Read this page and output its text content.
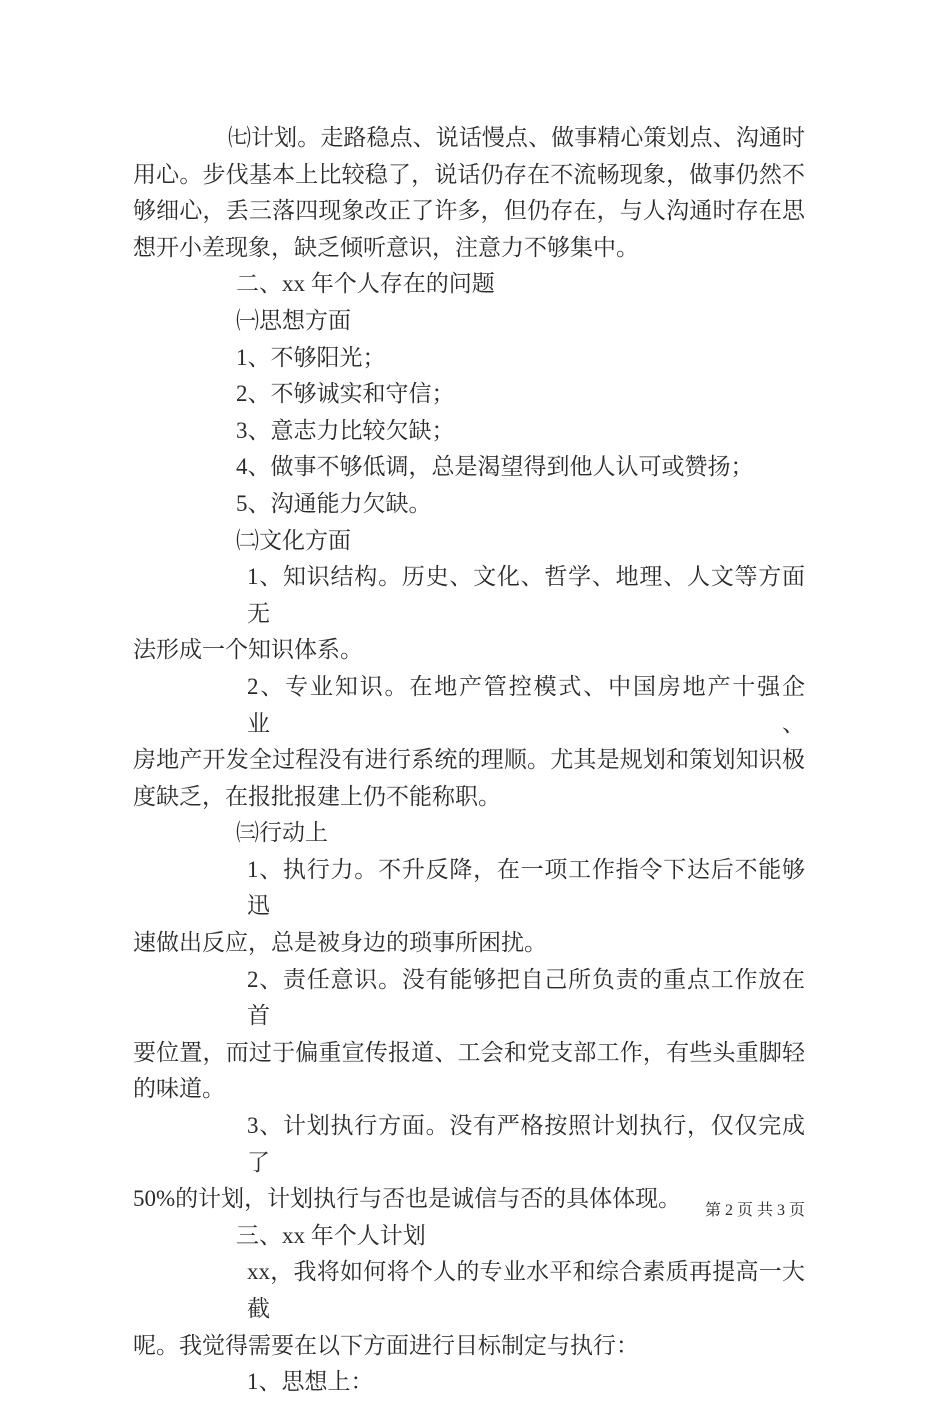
㈦计划。走路稳点、说话慢点、做事精心策划点、沟通时
用心。步伐基本上比较稳了，说话仍存在不流畅现象，做事仍然不
够细心，丢三落四现象改正了许多，但仍存在，与人沟通时存在思
想开小差现象，缺乏倾听意识，注意力不够集中。
二、xx 年个人存在的问题
㈠思想方面
1、不够阳光；
2、不够诚实和守信；
3、意志力比较欠缺；
4、做事不够低调，总是渴望得到他人认可或赞扬；
5、沟通能力欠缺。
㈡文化方面
1、知识结构。历史、文化、哲学、地理、人文等方面无
法形成一个知识体系。
2、专业知识。在地产管控模式、中国房地产十强企业、
房地产开发全过程没有进行系统的理顺。尤其是规划和策划知识极
度缺乏，在报批报建上仍不能称职。
㈢行动上
1、执行力。不升反降，在一项工作指令下达后不能够迅
速做出反应，总是被身边的琐事所困扰。
2、责任意识。没有能够把自己所负责的重点工作放在首
要位置，而过于偏重宣传报道、工会和党支部工作，有些头重脚轻
的味道。
3、计划执行方面。没有严格按照计划执行，仅仅完成了
50%的计划，计划执行与否也是诚信与否的具体体现。
三、xx 年个人计划
xx，我将如何将个人的专业水平和综合素质再提高一大截
呢。我觉得需要在以下方面进行目标制定与执行：
1、思想上：
第 2 页 共 3 页
